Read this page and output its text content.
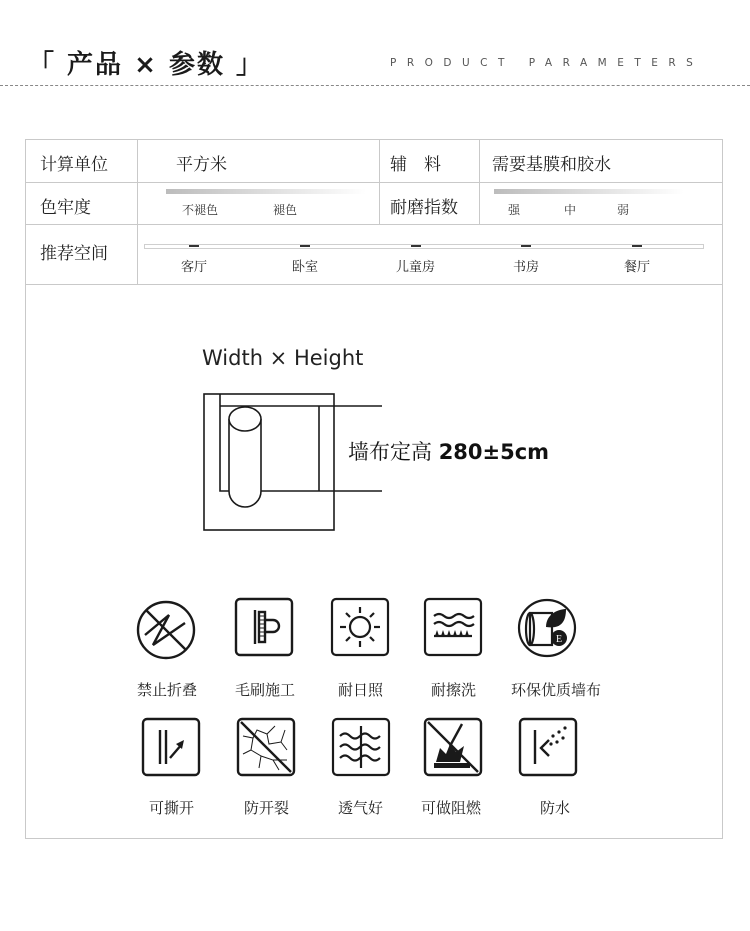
「 产品 × 参数 」	PRODUCT PARAMETERS
计算单位	平方米	辅　料	需要基膜和胶水
色牢度	不褪色	褪色	耐磨指数	强	中	弱
推荐空间
客厅	卧室	儿童房	书房	餐厅
Width × Height
墙布定高 280±5cm
E
禁止折叠	毛刷施工	耐日照	耐擦洗 环保优质墙布
可撕开	防开裂	透气好	可做阻燃	防水
